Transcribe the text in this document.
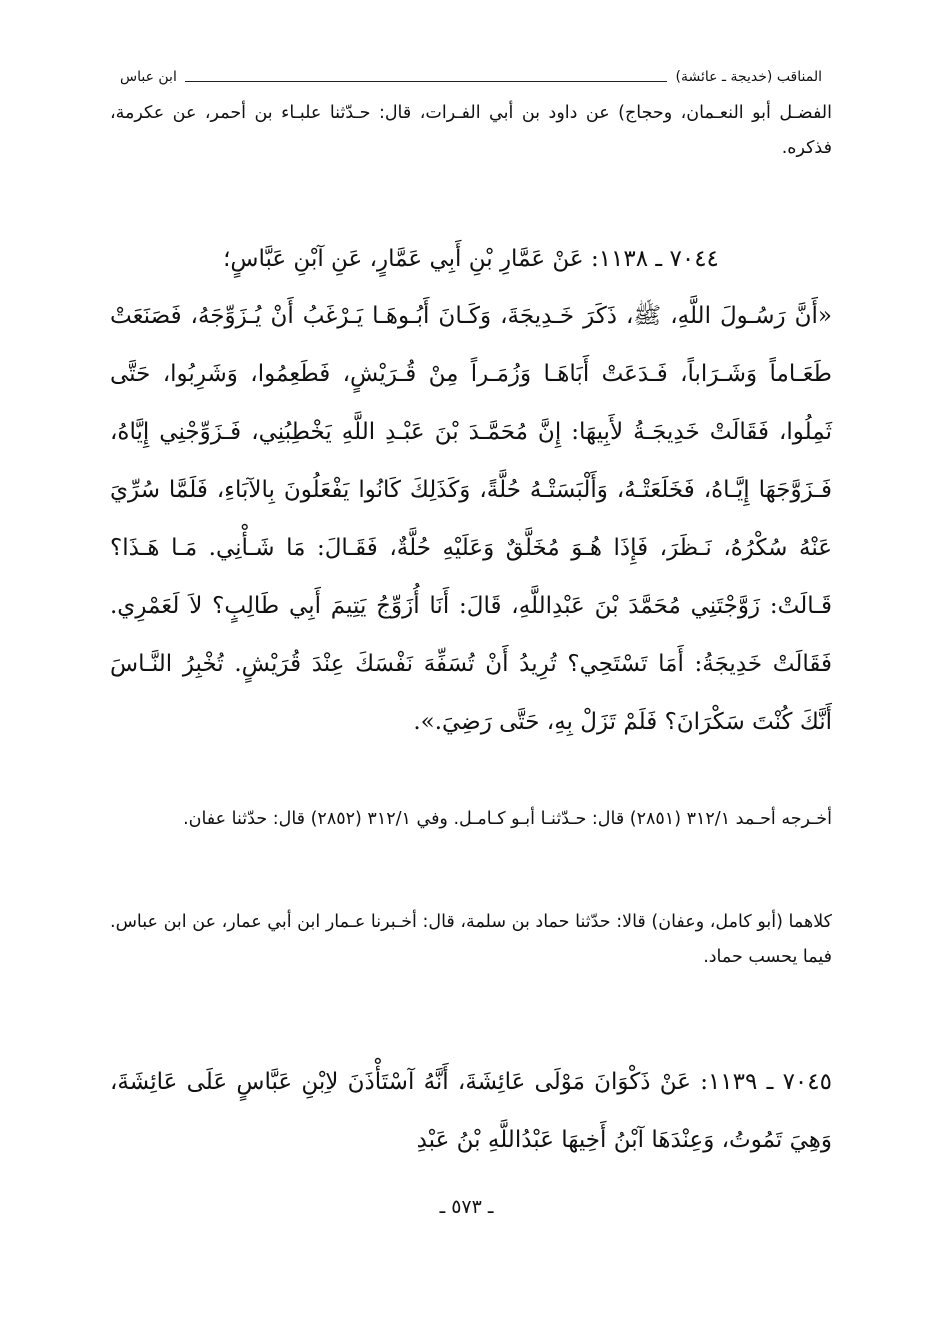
المناقب (خديجة ـ عائشة)
ابن عباس
الفضـل أبو النعـمان، وحجاج) عن داود بن أبي الفـرات، قال: حـدّثنا علبـاء بن أحمر، عن عكرمة، فذكره.
٧٠٤٤ ـ ١١٣٨: عَنْ عَمَّارِ بْنِ أَبِي عَمَّارٍ، عَنِ آبْنِ عَبَّاسٍ؛
«أَنَّ رَسُـولَ اللَّهِ، ﷺ، ذَكَرَ خَـدِيجَةَ، وَكَـانَ أَبُـوهَـا يَـرْغَبُ أَنْ يُـزَوِّجَهُ، فَصَنَعَتْ طَعَـاماً وَشَـرَاباً، فَـدَعَتْ أَبَاهَـا وَزُمَـراً مِنْ قُـرَيْشٍ، فَطَعِمُوا، وَشَرِبُوا، حَتَّى ثَمِلُوا، فَقَالَتْ خَدِيجَـةُ لأَبِيهَا: إِنَّ مُحَمَّـدَ بْنَ عَبْـدِ اللَّهِ يَخْطِبُنِي، فَـزَوِّجْنِي إِيَّاهُ، فَـزَوَّجَهَا إِيَّـاهُ، فَخَلَعَتْـهُ، وَأَلْبَسَتْـهُ حُلَّةً، وَكَذَلِكَ كَانُوا يَفْعَلُونَ بِالآبَاءِ، فَلَمَّا سُرِّيَ عَنْهُ سُكْرُهُ، نَـظَرَ، فَإِذَا هُـوَ مُخَلَّقٌ وَعَلَيْهِ حُلَّةٌ، فَقَـالَ: مَا شَـأْنِي. مَـا هَـذَا؟ قَـالَتْ: زَوَّجْتَنِي مُحَمَّدَ بْنَ عَبْدِاللَّهِ، قَالَ: أَنَا أُزَوِّجُ يَتِيمَ أَبِي طَالِبٍ؟ لاَ لَعَمْرِي. فَقَالَتْ خَدِيجَةُ: أَمَا تَسْتَحِي؟ تُرِيدُ أَنْ تُسَفِّهَ نَفْسَكَ عِنْدَ قُرَيْشٍ. تُخْبِرُ النَّـاسَ أَنَّكَ كُنْتَ سَكْرَانَ؟ فَلَمْ تَزَلْ بِهِ، حَتَّى رَضِيَ.».
أخـرجه أحـمد ٣١٢/١ (٢٨٥١) قال: حـدّثنـا أبـو كـامـل. وفي ٣١٢/١ (٢٨٥٢) قال: حدّثنا عفان.
كلاهما (أبو كامل، وعفان) قالا: حدّثنا حماد بن سلمة، قال: أخـبرنا عـمار ابن أبي عمار، عن ابن عباس. فيما يحسب حماد.
٧٠٤٥ ـ ١١٣٩: عَنْ ذَكْوَانَ مَوْلَى عَائِشَةَ، أَنَّهُ آسْتَأْذَنَ لاِبْنِ عَبَّاسٍ عَلَى عَائِشَةَ، وَهِيَ تَمُوتُ، وَعِنْدَهَا آبْنُ أَخِيهَا عَبْدُاللَّهِ بْنُ عَبْدِ
ـ ٥٧٣ ـ
